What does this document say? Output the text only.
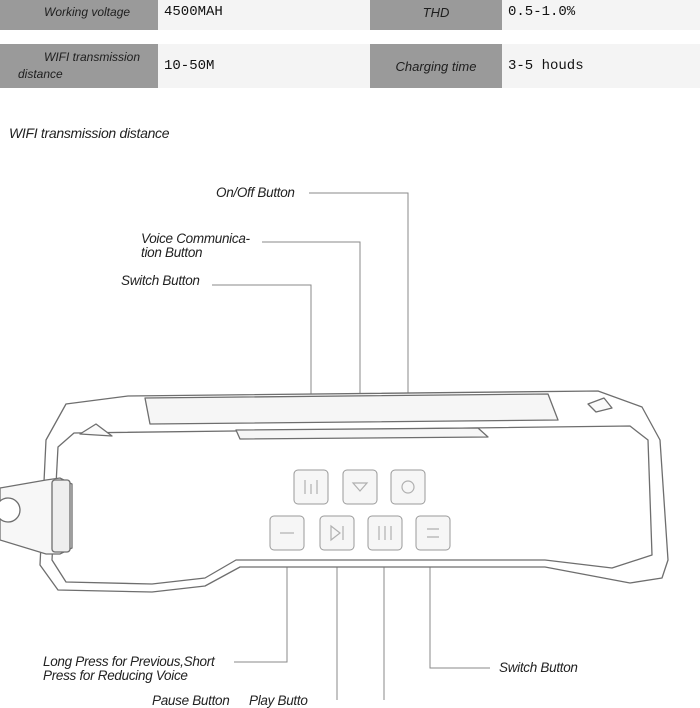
Working voltage	4500MAH	THD	0.5-1.0%
WIFI transmission
distance	10-50M	Charging time	3-5 houds
WIFI transmission distance
On/Off Button
Voice Communica-
tion Button
Switch Button
Long Press for Previous,Short
Press for Reducing Voice
Switch Button
Pause Button Play Butto
